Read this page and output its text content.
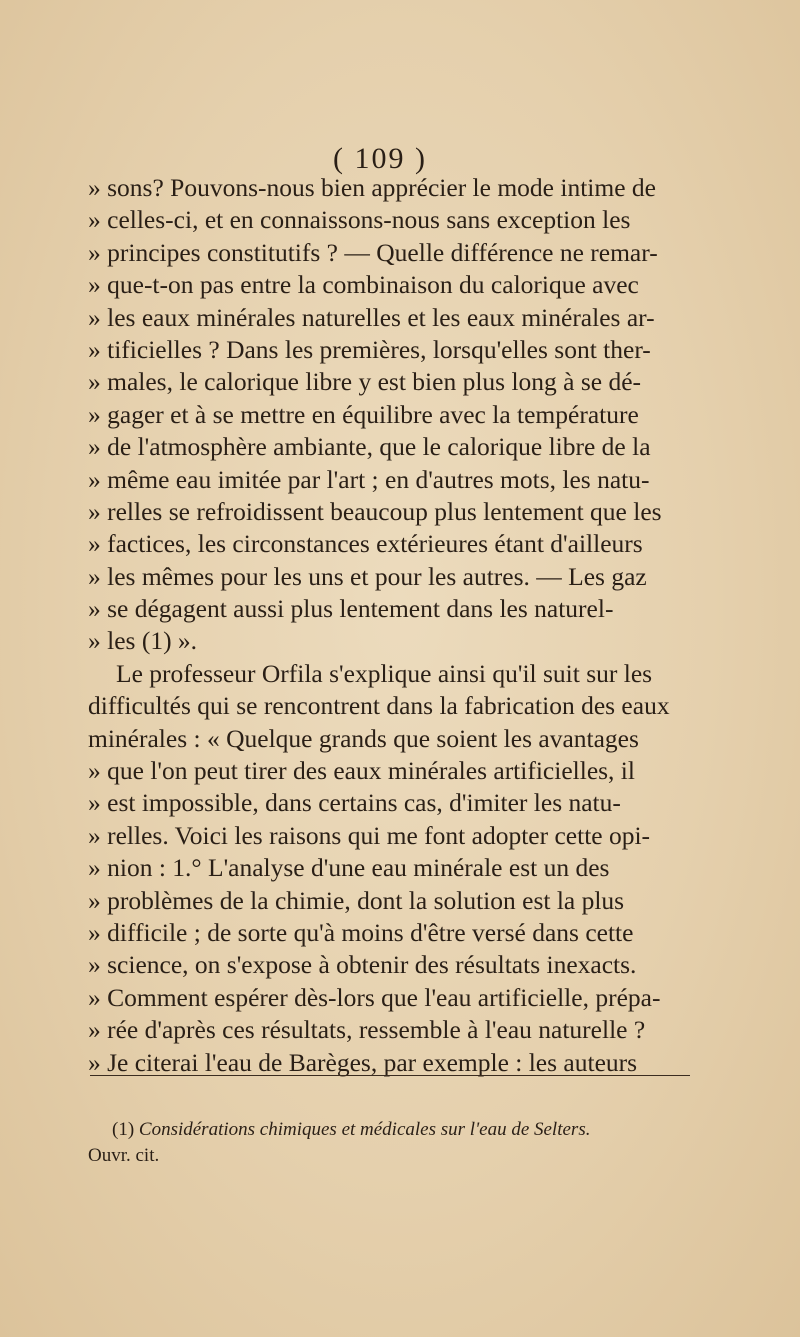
( 109 )
» sons? Pouvons-nous bien apprécier le mode intime de
» celles-ci, et en connaissons-nous sans exception les
» principes constitutifs ? — Quelle différence ne remar-
» que-t-on pas entre la combinaison du calorique avec
» les eaux minérales naturelles et les eaux minérales ar-
» tificielles ? Dans les premières, lorsqu'elles sont ther-
» males, le calorique libre y est bien plus long à se dé-
» gager et à se mettre en équilibre avec la température
» de l'atmosphère ambiante, que le calorique libre de la
» même eau imitée par l'art ; en d'autres mots, les natu-
» relles se refroidissent beaucoup plus lentement que les
» factices, les circonstances extérieures étant d'ailleurs
» les mêmes pour les uns et pour les autres. — Les gaz
» se dégagent aussi plus lentement dans les naturel-
» les (1) ».
Le professeur Orfila s'explique ainsi qu'il suit sur les
difficultés qui se rencontrent dans la fabrication des eaux
minérales : « Quelque grands que soient les avantages
» que l'on peut tirer des eaux minérales artificielles, il
» est impossible, dans certains cas, d'imiter les natu-
» relles. Voici les raisons qui me font adopter cette opi-
» nion : 1.° L'analyse d'une eau minérale est un des
» problèmes de la chimie, dont la solution est la plus
» difficile ; de sorte qu'à moins d'être versé dans cette
» science, on s'expose à obtenir des résultats inexacts.
» Comment espérer dès-lors que l'eau artificielle, prépa-
» rée d'après ces résultats, ressemble à l'eau naturelle ?
» Je citerai l'eau de Barèges, par exemple : les auteurs
(1) Considérations chimiques et médicales sur l'eau de Selters.
Ouvr. cit.
